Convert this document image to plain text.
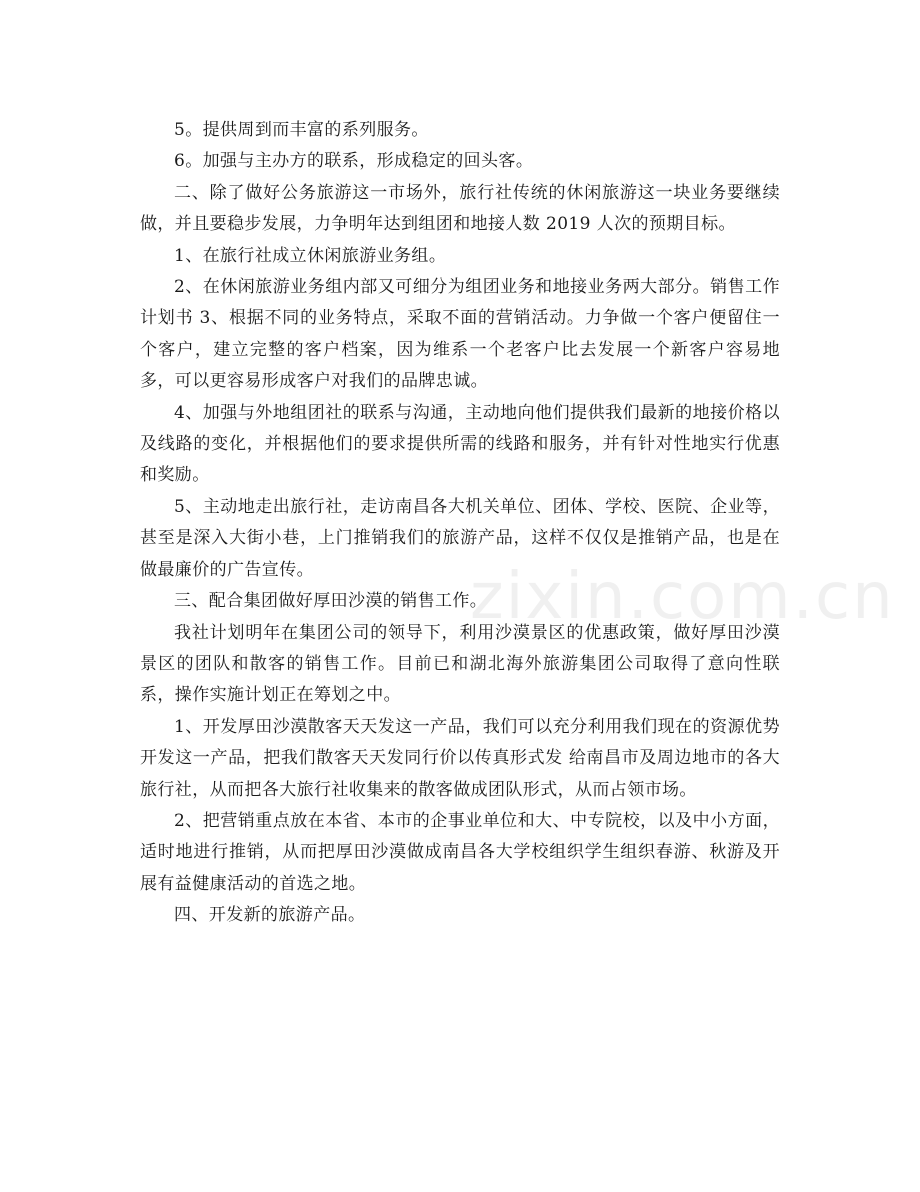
5。提供周到而丰富的系列服务。

6。加强与主办方的联系，形成稳定的回头客。

二、除了做好公务旅游这一市场外，旅行社传统的休闲旅游这一块业务要继续做，并且要稳步发展，力争明年达到组团和地接人数 2019 人次的预期目标。

1、在旅行社成立休闲旅游业务组。

2、在休闲旅游业务组内部又可细分为组团业务和地接业务两大部分。销售工作计划书 3、根据不同的业务特点，采取不面的营销活动。力争做一个客户便留住一个客户，建立完整的客户档案，因为维系一个老客户比去发展一个新客户容易地多，可以更容易形成客户对我们的品牌忠诚。

4、加强与外地组团社的联系与沟通，主动地向他们提供我们最新的地接价格以及线路的变化，并根据他们的要求提供所需的线路和服务，并有针对性地实行优惠和奖励。

5、主动地走出旅行社，走访南昌各大机关单位、团体、学校、医院、企业等，甚至是深入大街小巷，上门推销我们的旅游产品，这样不仅仅是推销产品，也是在做最廉价的广告宣传。

三、配合集团做好厚田沙漠的销售工作。

我社计划明年在集团公司的领导下，利用沙漠景区的优惠政策，做好厚田沙漠景区的团队和散客的销售工作。目前已和湖北海外旅游集团公司取得了意向性联系，操作实施计划正在筹划之中。

1、开发厚田沙漠散客天天发这一产品，我们可以充分利用我们现在的资源优势开发这一产品，把我们散客天天发同行价以传真形式发 给南昌市及周边地市的各大旅行社，从而把各大旅行社收集来的散客做成团队形式，从而占领市场。

2、把营销重点放在本省、本市的企事业单位和大、中专院校，以及中小方面，适时地进行推销，从而把厚田沙漠做成南昌各大学校组织学生组织春游、秋游及开展有益健康活动的首选之地。

四、开发新的旅游产品。

zixin.com.cn
